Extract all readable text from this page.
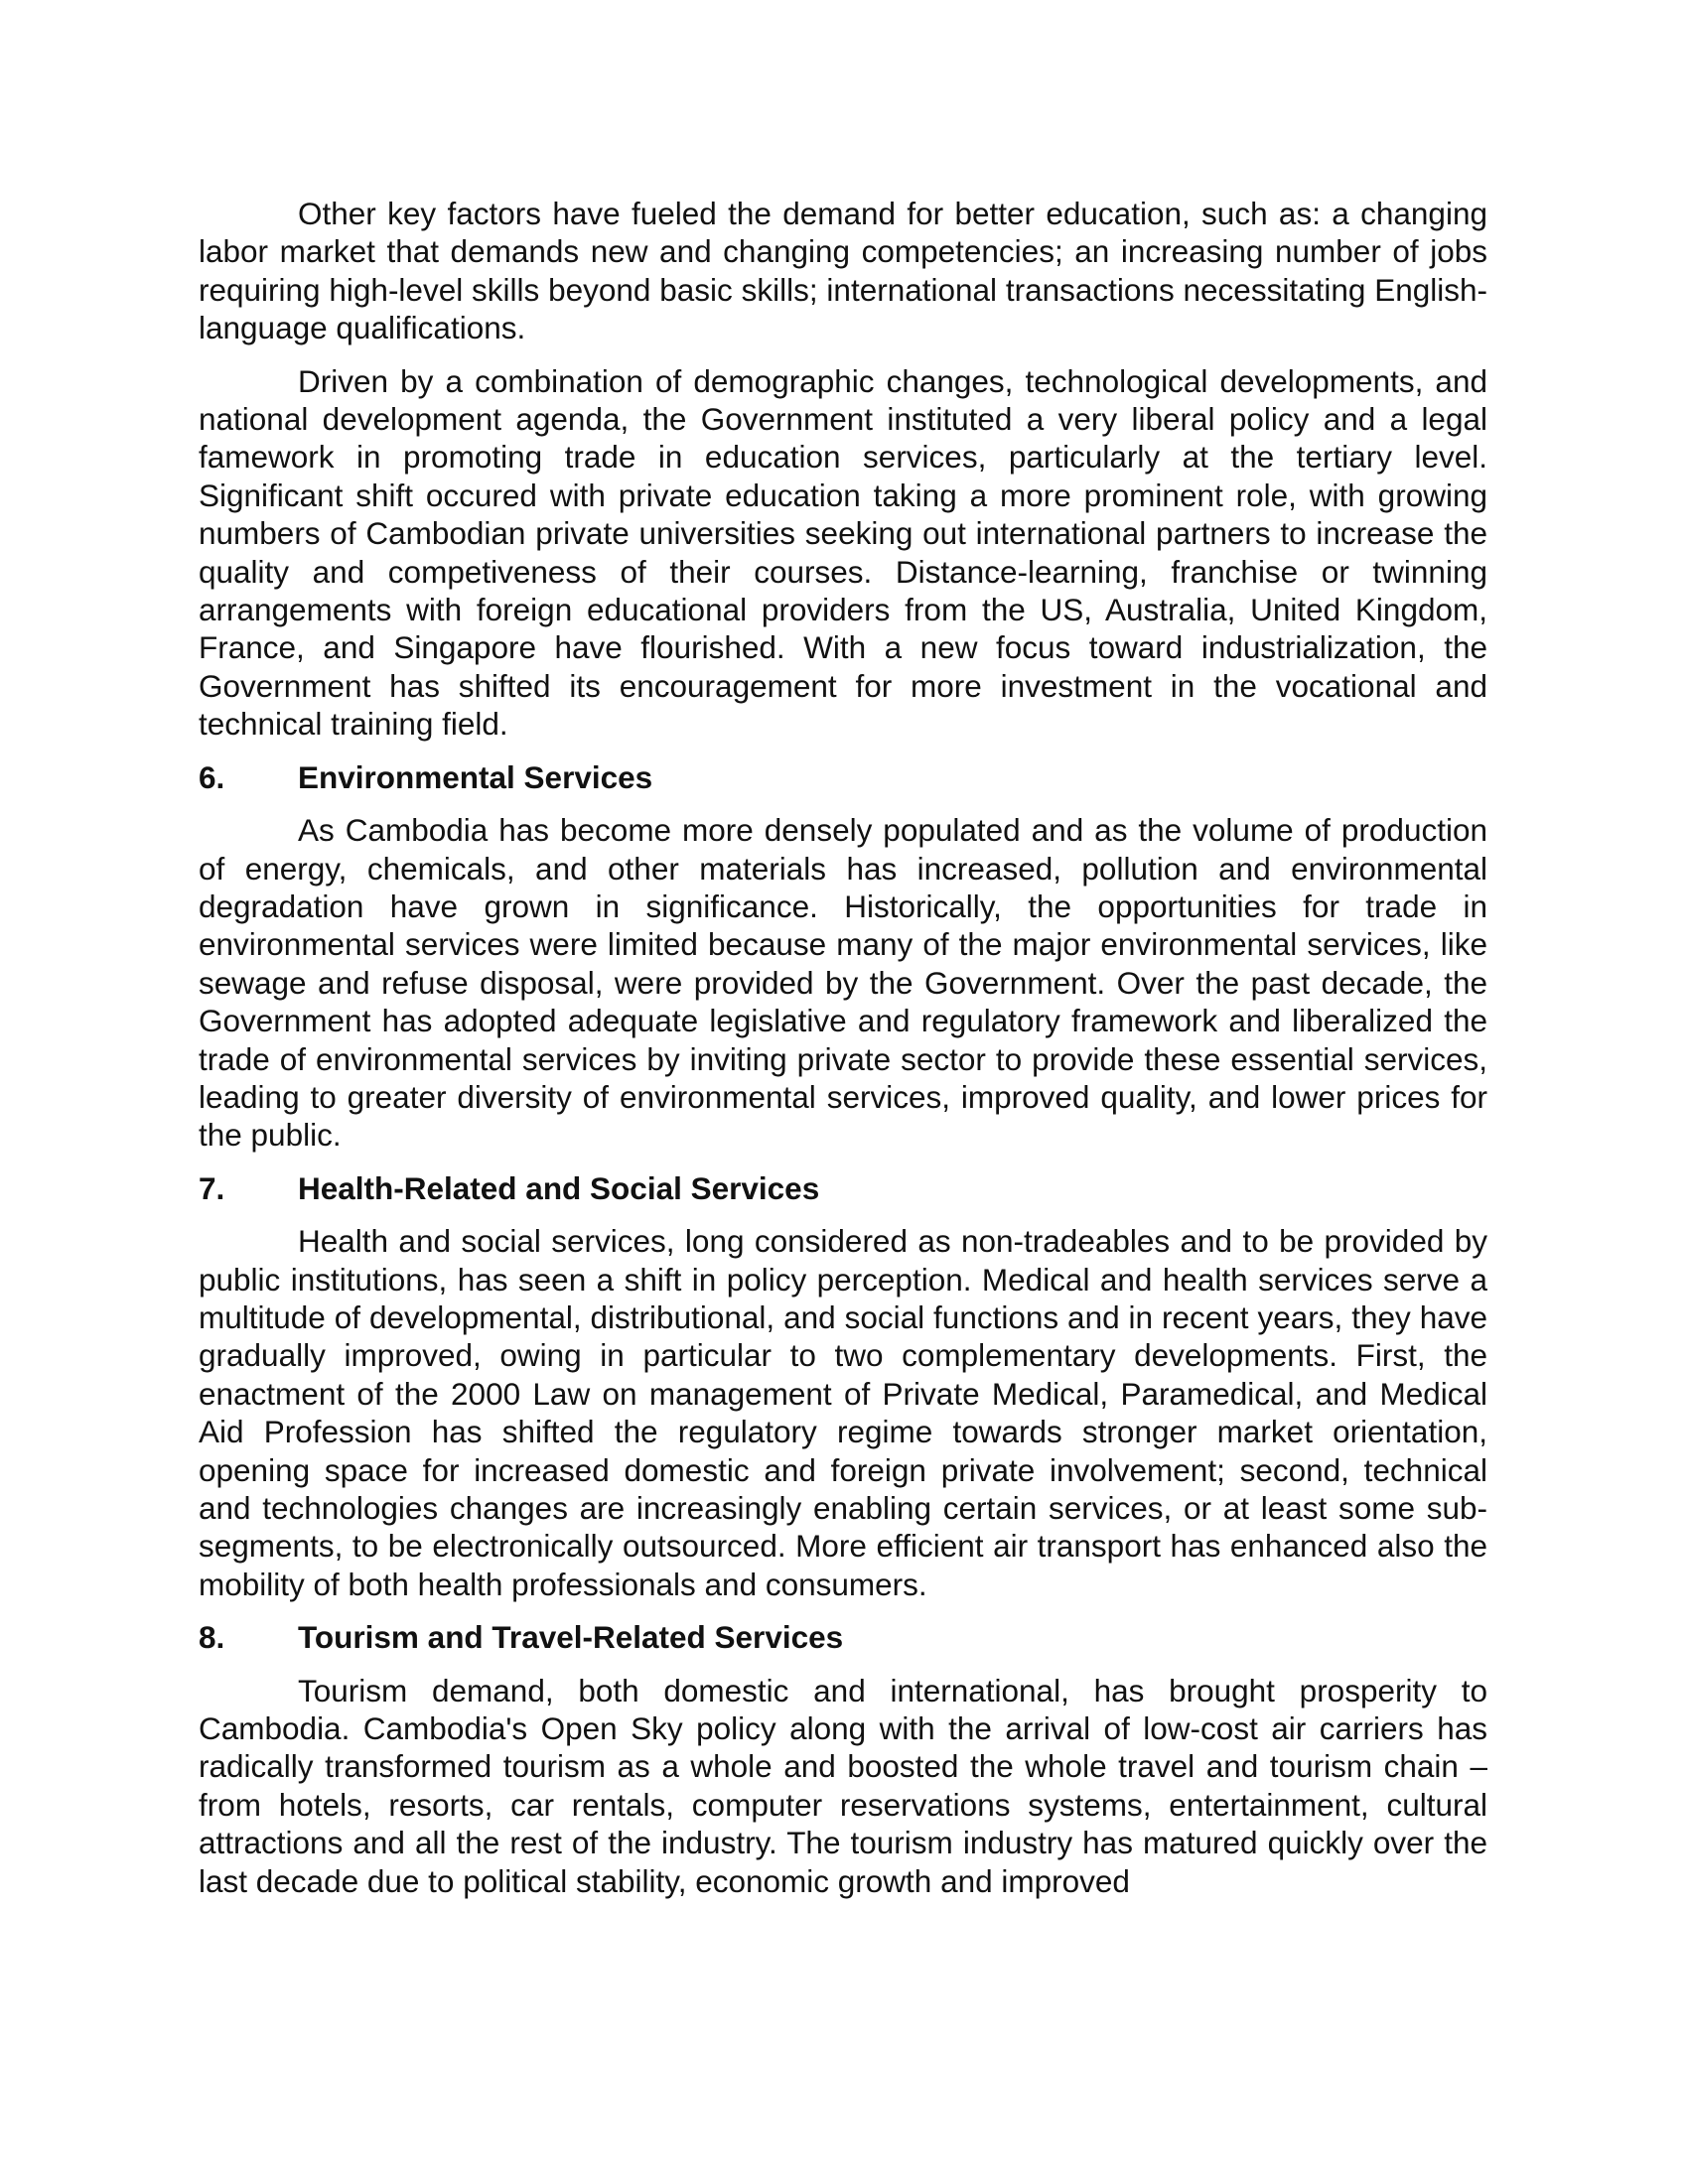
Other key factors have fueled the demand for better education, such as: a changing labor market that demands new and changing competencies; an increasing number of jobs requiring high-level skills beyond basic skills; international transactions necessitating English-language qualifications.

Driven by a combination of demographic changes, technological developments, and national development agenda, the Government instituted a very liberal policy and a legal famework in promoting trade in education services, particularly at the tertiary level. Significant shift occured with private education taking a more prominent role, with growing numbers of Cambodian private universities seeking out international partners to increase the quality and competiveness of their courses. Distance-learning, franchise or twinning arrangements with foreign educational providers from the US, Australia, United Kingdom, France, and Singapore have flourished. With a new focus toward industrialization, the Government has shifted its encouragement for more investment in the vocational and technical training field.

6.	Environmental Services

As Cambodia has become more densely populated and as the volume of production of energy, chemicals, and other materials has increased, pollution and environmental degradation have grown in significance. Historically, the opportunities for trade in environmental services were limited because many of the major environmental services, like sewage and refuse disposal, were provided by the Government. Over the past decade, the Government has adopted adequate legislative and regulatory framework and liberalized the trade of environmental services by inviting private sector to provide these essential services, leading to greater diversity of environmental services, improved quality, and lower prices for the public.

7.	Health-Related and Social Services

Health and social services, long considered as non-tradeables and to be provided by public institutions, has seen a shift in policy perception. Medical and health services serve a multitude of developmental, distributional, and social functions and in recent years, they have gradually improved, owing in particular to two complementary developments. First, the enactment of the 2000 Law on management of Private Medical, Paramedical, and Medical Aid Profession has shifted the regulatory regime towards stronger market orientation, opening space for increased domestic and foreign private involvement; second, technical and technologies changes are increasingly enabling certain services, or at least some sub-segments, to be electronically outsourced. More efficient air transport has enhanced also the mobility of both health professionals and consumers.

8.	Tourism and Travel-Related Services

Tourism demand, both domestic and international, has brought prosperity to Cambodia. Cambodia's Open Sky policy along with the arrival of low-cost air carriers has radically transformed tourism as a whole and boosted the whole travel and tourism chain – from hotels, resorts, car rentals, computer reservations systems, entertainment, cultural attractions and all the rest of the industry. The tourism industry has matured quickly over the last decade due to political stability, economic growth and improved
